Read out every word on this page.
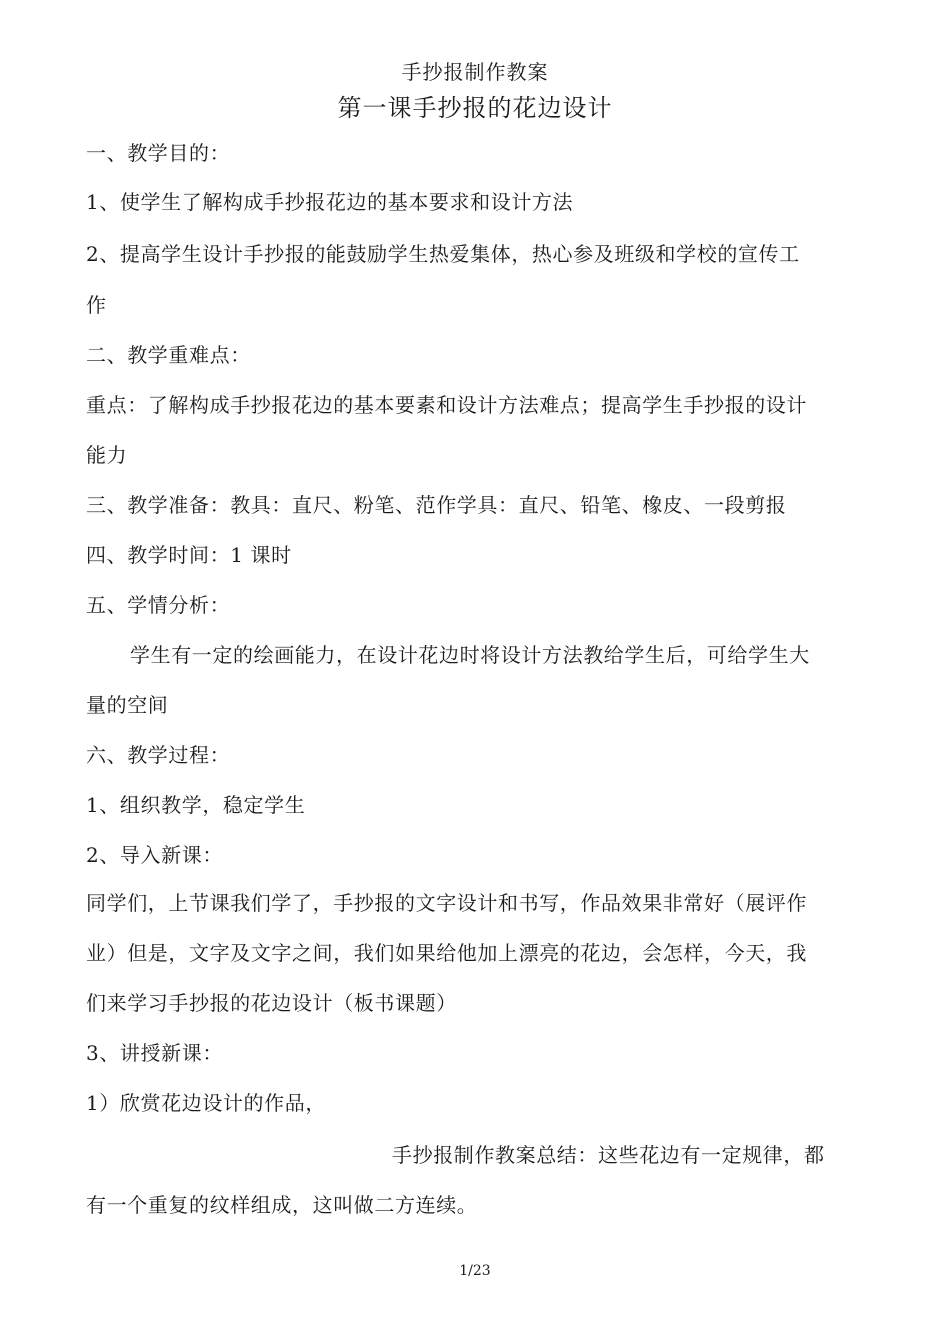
手抄报制作教案
第一课手抄报的花边设计
一、教学目的：
1、使学生了解构成手抄报花边的基本要求和设计方法
2、提高学生设计手抄报的能鼓励学生热爱集体，热心参及班级和学校的宣传工
作
二、教学重难点：
重点：了解构成手抄报花边的基本要素和设计方法难点；提高学生手抄报的设计
能力
三、教学准备：教具：直尺、粉笔、范作学具：直尺、铅笔、橡皮、一段剪报
四、教学时间：1 课时
五、学情分析：
学生有一定的绘画能力，在设计花边时将设计方法教给学生后，可给学生大
量的空间
六、教学过程：
1、组织教学，稳定学生
2、导入新课：
同学们，上节课我们学了，手抄报的文字设计和书写，作品效果非常好（展评作
业）但是，文字及文字之间，我们如果给他加上漂亮的花边，会怎样，今天，我
们来学习手抄报的花边设计（板书课题）
3、讲授新课：
1）欣赏花边设计的作品，
手抄报制作教案总结：这些花边有一定规律，都
有一个重复的纹样组成，这叫做二方连续。
1/23
